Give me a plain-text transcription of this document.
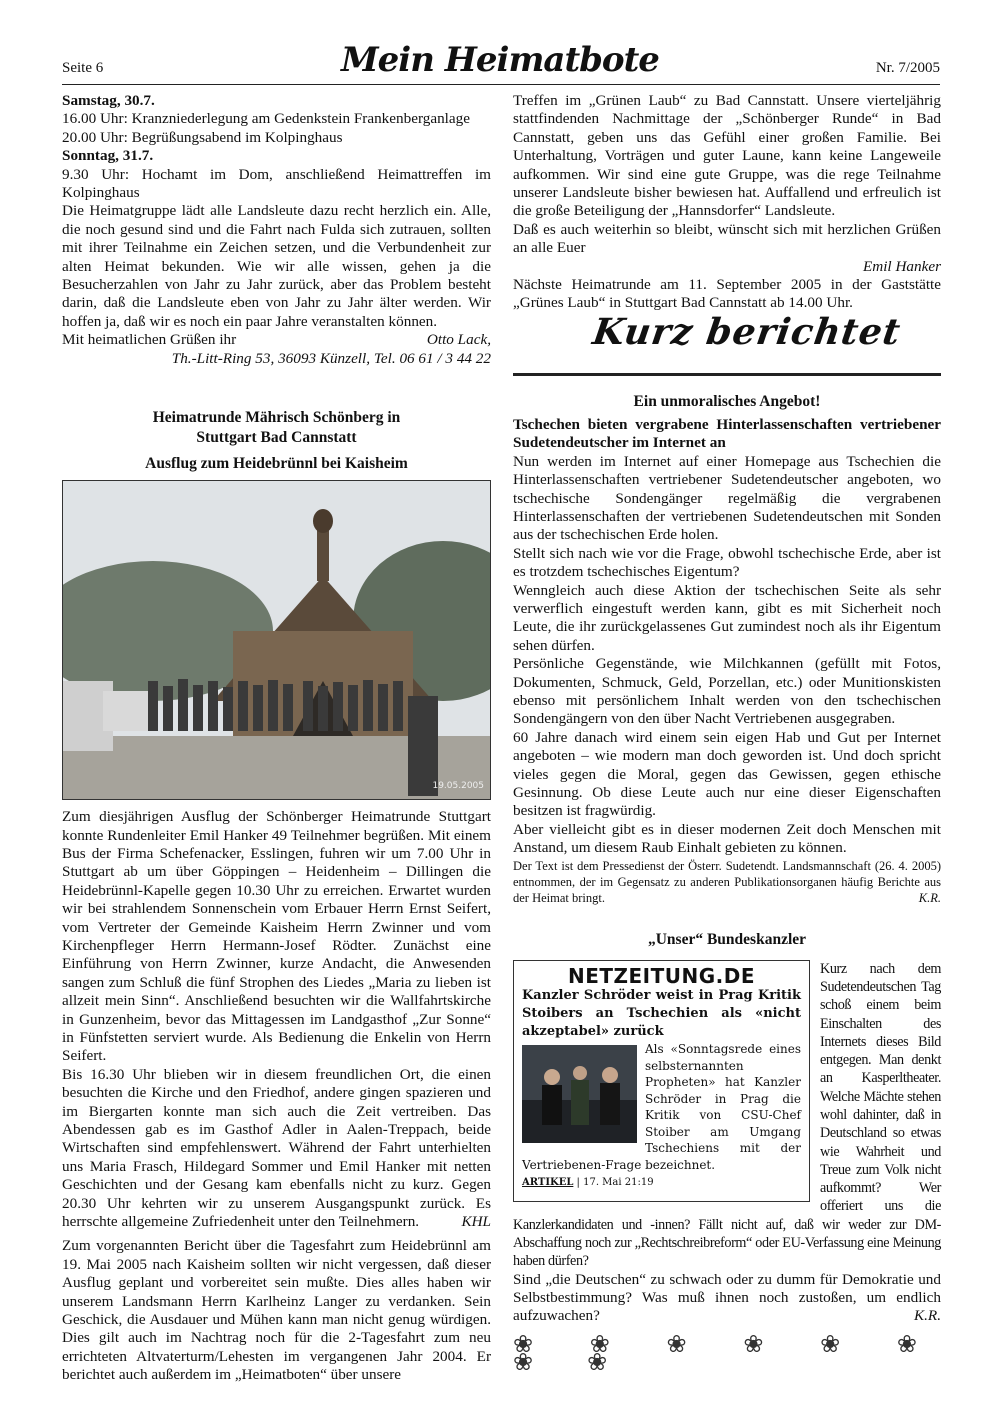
Seite 6	Mein Heimatbote	Nr. 7/2005

Samstag, 30.7.

16.00 Uhr: Kranzniederlegung am Gedenkstein Frankenberganlage

20.00 Uhr: Begrüßungsabend im Kolpinghaus

Sonntag, 31.7.

9.30 Uhr: Hochamt im Dom, anschließend Heimattreffen im Kolpinghaus

Die Heimatgruppe lädt alle Landsleute dazu recht herzlich ein. Alle, die noch gesund sind und die Fahrt nach Fulda sich zutrauen, sollten mit ihrer Teilnahme ein Zeichen setzen, und die Verbundenheit zur alten Heimat bekunden. Wie wir alle wissen, gehen ja die Besucherzahlen von Jahr zu Jahr zurück, aber das Problem besteht darin, daß die Landsleute eben von Jahr zu Jahr älter werden. Wir hoffen ja, daß wir es noch ein paar Jahre veranstalten können.

Mit heimatlichen Grüßen ihr	Otto Lack,

Th.-Litt-Ring 53, 36093 Künzell, Tel. 06 61 / 3 44 22

Heimatrunde Mährisch Schönberg in
Stuttgart Bad Cannstatt
Ausflug zum Heidebrünnl bei Kaisheim
19.05.2005

Zum diesjährigen Ausflug der Schönberger Heimatrunde Stuttgart konnte Rundenleiter Emil Hanker 49 Teilnehmer begrüßen. Mit einem Bus der Firma Schefenacker, Esslingen, fuhren wir um 7.00 Uhr in Stuttgart ab um über Göppingen – Heidenheim – Dillingen die Heidebrünnl-Kapelle gegen 10.30 Uhr zu erreichen. Erwartet wurden wir bei strahlendem Sonnenschein vom Erbauer Herrn Ernst Seifert, vom Vertreter der Gemeinde Kaisheim Herrn Zwinner und vom Kirchenpfleger Herrn Hermann-Josef Rödter. Zunächst eine Einführung von Herrn Zwinner, kurze Andacht, die Anwesenden sangen zum Schluß die fünf Strophen des Liedes „Maria zu lieben ist allzeit mein Sinn“. Anschließend besuchten wir die Wallfahrtskirche in Gunzenheim, bevor das Mittagessen im Landgasthof „Zur Sonne“ in Fünfstetten serviert wurde. Als Bedienung die Enkelin von Herrn Seifert.

Bis 16.30 Uhr blieben wir in diesem freundlichen Ort, die einen besuchten die Kirche und den Friedhof, andere gingen spazieren und im Biergarten konnte man sich auch die Zeit vertreiben. Das Abendessen gab es im Gasthof Adler in Aalen-Treppach, beide Wirtschaften sind empfehlenswert. Während der Fahrt unterhielten uns Maria Frasch, Hildegard Sommer und Emil Hanker mit netten Geschichten und der Gesang kam ebenfalls nicht zu kurz. Gegen 20.30 Uhr kehrten wir zu unserem Ausgangspunkt zurück. Es herrschte allgemeine Zufriedenheit unter den Teilnehmern.	KHL

Zum vorgenannten Bericht über die Tagesfahrt zum Heidebrünnl am 19. Mai 2005 nach Kaisheim sollten wir nicht vergessen, daß dieser Ausflug geplant und vorbereitet sein mußte. Dies alles haben wir unserem Landsmann Herrn Karlheinz Langer zu verdanken. Sein Geschick, die Ausdauer und Mühen kann man nicht genug würdigen. Dies gilt auch im Nachtrag noch für die 2-Tagesfahrt zum neu errichteten Altvaterturm/Lehesten im vergangenen Jahr 2004. Er berichtet auch außerdem im „Heimatboten“ über unsere

Treffen im „Grünen Laub“ zu Bad Cannstatt. Unsere vierteljährig stattfindenden Nachmittage der „Schönberger Runde“ in Bad Cannstatt, geben uns das Gefühl einer großen Familie. Bei Unterhaltung, Vorträgen und guter Laune, kann keine Langeweile aufkommen. Wir sind eine gute Gruppe, was die rege Teilnahme unserer Landsleute bisher bewiesen hat. Auffallend und erfreulich ist die große Beteiligung der „Hannsdorfer“ Landsleute.

Daß es auch weiterhin so bleibt, wünscht sich mit herzlichen Grüßen an alle Euer

Emil Hanker

Nächste Heimatrunde am 11. September 2005 in der Gaststätte „Grünes Laub“ in Stuttgart Bad Cannstatt ab 14.00 Uhr.

Kurz berichtet
Ein unmoralisches Angebot!

Tschechen bieten vergrabene Hinterlassenschaften vertriebener Sudetendeutscher im Internet an

Nun werden im Internet auf einer Homepage aus Tschechien die Hinterlassenschaften vertriebener Sudetendeutscher angeboten, wo tschechische Sondengänger regelmäßig die vergrabenen Hinterlassenschaften der vertriebenen Sudetendeutschen mit Sonden aus der tschechischen Erde holen.

Stellt sich nach wie vor die Frage, obwohl tschechische Erde, aber ist es trotzdem tschechisches Eigentum?

Wenngleich auch diese Aktion der tschechischen Seite als sehr verwerflich eingestuft werden kann, gibt es mit Sicherheit noch Leute, die ihr zurückgelassenes Gut zumindest noch als ihr Eigentum sehen dürfen.

Persönliche Gegenstände, wie Milchkannen (gefüllt mit Fotos, Dokumenten, Schmuck, Geld, Porzellan, etc.) oder Munitionskisten ebenso mit persönlichem Inhalt werden von den tschechischen Sondengängern von den über Nacht Vertriebenen ausgegraben.

60 Jahre danach wird einem sein eigen Hab und Gut per Internet angeboten – wie modern man doch geworden ist. Und doch spricht vieles gegen die Moral, gegen das Gewissen, gegen ethische Gesinnung. Ob diese Leute auch nur eine dieser Eigenschaften besitzen ist fragwürdig.

Aber vielleicht gibt es in dieser modernen Zeit doch Menschen mit Anstand, um diesem Raub Einhalt gebieten zu können.

Der Text ist dem Pressedienst der Österr. Sudetendt. Landsmannschaft (26. 4. 2005) entnommen, der im Gegensatz zu anderen Publikationsorganen häufig Berichte aus der Heimat bringt.	K.R.

„Unser“ Bundeskanzler
NETZEITUNG.DE
Kanzler Schröder weist in Prag Kritik Stoibers an Tschechien als «nicht akzeptabel» zurück
Als «Sonntagsrede eines selbsternannten Propheten» hat Kanzler Schröder in Prag die Kritik von CSU-Chef Stoiber am Umgang Tschechiens mit der Vertriebenen-Frage bezeichnet.
ARTIKEL | 17. Mai 21:19

Kurz nach dem Sudetendeutschen Tag schoß einem beim Einschalten des Internets dieses Bild entgegen. Man denkt an Kasperltheater. Welche Mächte stehen wohl dahinter, daß in Deutschland so etwas wie Wahrheit und Treue zum Volk nicht aufkommt? Wer offeriert uns die Kanzlerkandidaten und -innen? Fällt nicht auf, daß wir weder zur DM-Abschaffung noch zur „Rechtschreibreform“ oder EU-Verfassung eine Meinung haben dürfen?

Sind „die Deutschen“ zu schwach oder zu dumm für Demokratie und Selbstbestimmung? Was muß ihnen noch zustoßen, um endlich aufzuwachen?	K.R.

❀ ❀ ❀ ❀ ❀ ❀ ❀ ❀
